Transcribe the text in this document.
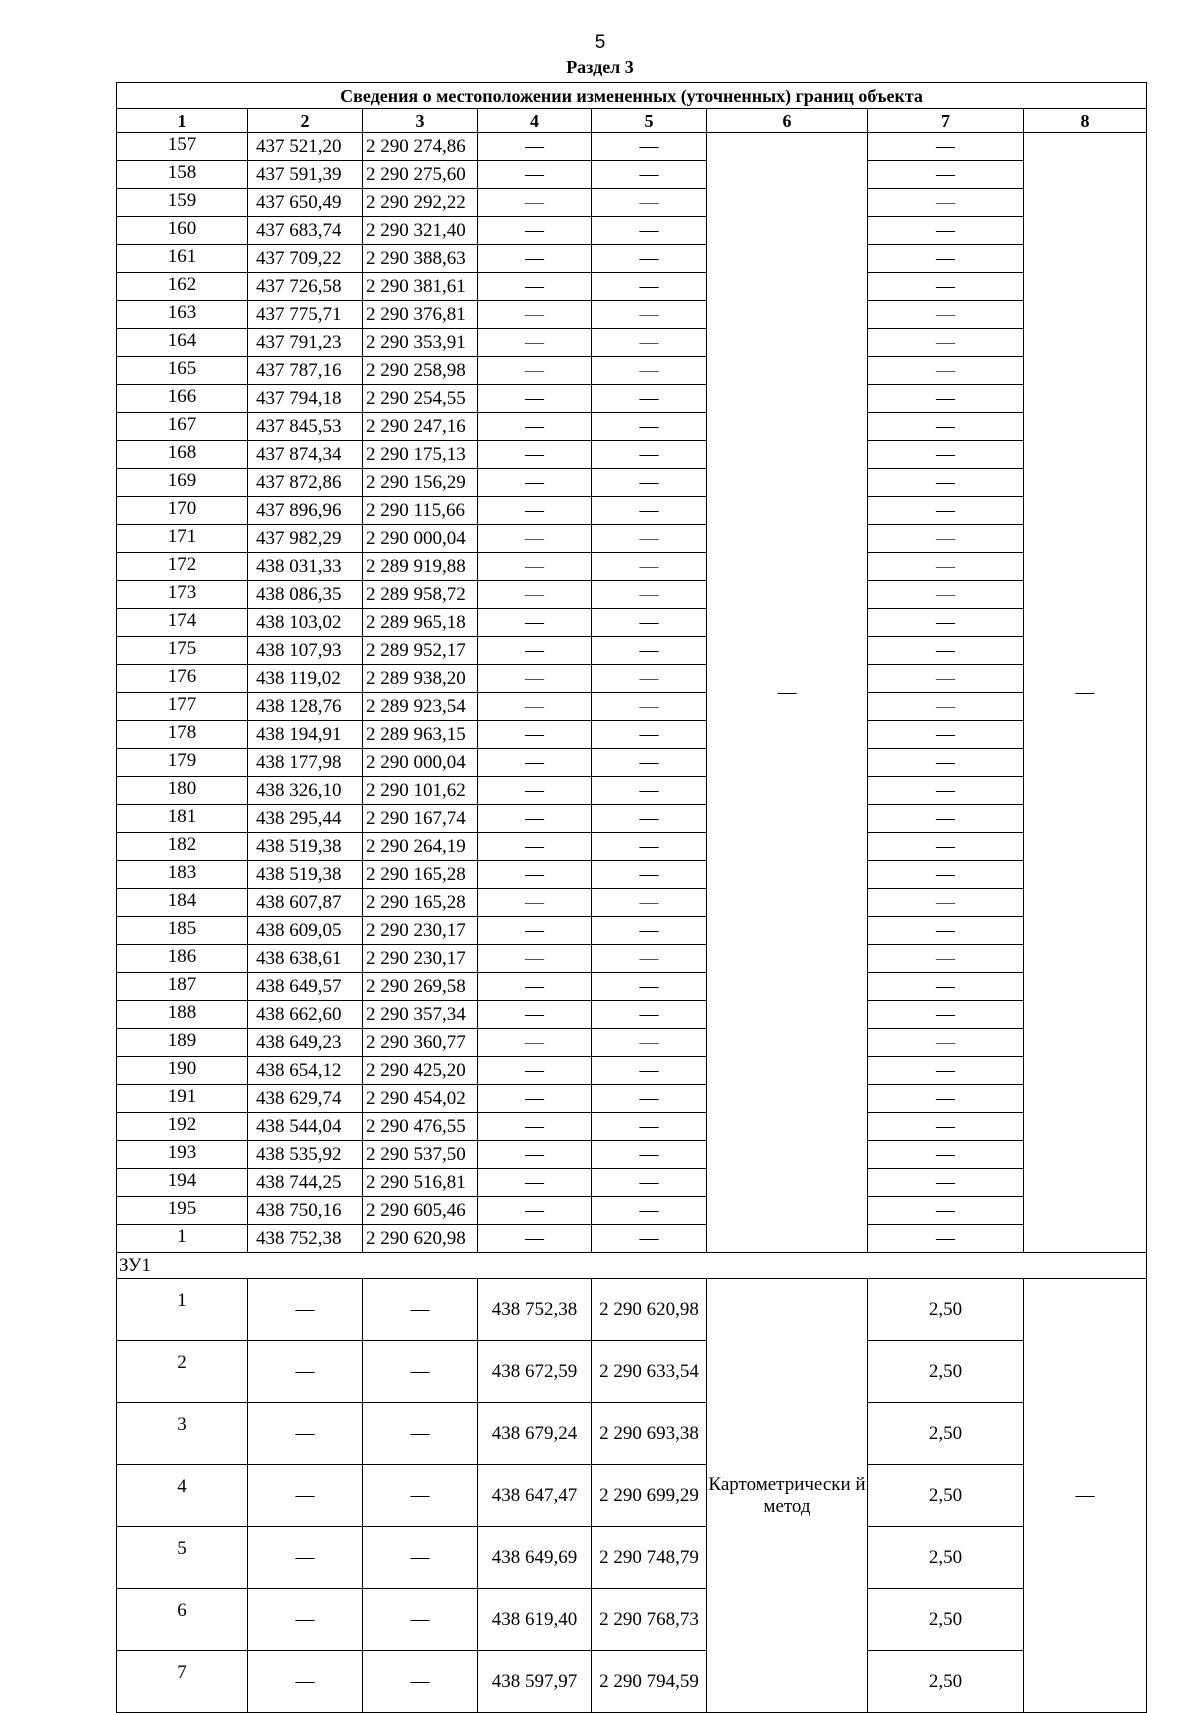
5
Раздел 3
Сведения о местоположении измененных (уточненных) границ объекта							
1	2	3	4	5	6	7	8
157	437 521,20	2 290 274,86	—	—	—	—	—
158	437 591,39	2 290 275,60	—	—		—	
159	437 650,49	2 290 292,22	—	—		—	
160	437 683,74	2 290 321,40	—	—		—	
161	437 709,22	2 290 388,63	—	—		—	
162	437 726,58	2 290 381,61	—	—		—	
163	437 775,71	2 290 376,81	—	—		—	
164	437 791,23	2 290 353,91	—	—		—	
165	437 787,16	2 290 258,98	—	—		—	
166	437 794,18	2 290 254,55	—	—		—	
167	437 845,53	2 290 247,16	—	—		—	
168	437 874,34	2 290 175,13	—	—		—	
169	437 872,86	2 290 156,29	—	—		—	
170	437 896,96	2 290 115,66	—	—		—	
171	437 982,29	2 290 000,04	—	—		—	
172	438 031,33	2 289 919,88	—	—		—	
173	438 086,35	2 289 958,72	—	—		—	
174	438 103,02	2 289 965,18	—	—		—	
175	438 107,93	2 289 952,17	—	—		—	
176	438 119,02	2 289 938,20	—	—		—	
177	438 128,76	2 289 923,54	—	—		—	
178	438 194,91	2 289 963,15	—	—		—	
179	438 177,98	2 290 000,04	—	—		—	
180	438 326,10	2 290 101,62	—	—		—	
181	438 295,44	2 290 167,74	—	—		—	
182	438 519,38	2 290 264,19	—	—		—	
183	438 519,38	2 290 165,28	—	—		—	
184	438 607,87	2 290 165,28	—	—		—	
185	438 609,05	2 290 230,17	—	—		—	
186	438 638,61	2 290 230,17	—	—		—	
187	438 649,57	2 290 269,58	—	—		—	
188	438 662,60	2 290 357,34	—	—		—	
189	438 649,23	2 290 360,77	—	—		—	
190	438 654,12	2 290 425,20	—	—		—	
191	438 629,74	2 290 454,02	—	—		—	
192	438 544,04	2 290 476,55	—	—		—	
193	438 535,92	2 290 537,50	—	—		—	
194	438 744,25	2 290 516,81	—	—		—	
195	438 750,16	2 290 605,46	—	—		—	
1	438 752,38	2 290 620,98	—	—		—	
ЗУ1							
1	—	—	438 752,38	2 290 620,98	Картометрически й метод	2,50	—
2	—	—	438 672,59	2 290 633,54		2,50	
3	—	—	438 679,24	2 290 693,38		2,50	
4	—	—	438 647,47	2 290 699,29		2,50	
5	—	—	438 649,69	2 290 748,79		2,50	
6	—	—	438 619,40	2 290 768,73		2,50	
7	—	—	438 597,97	2 290 794,59		2,50	
